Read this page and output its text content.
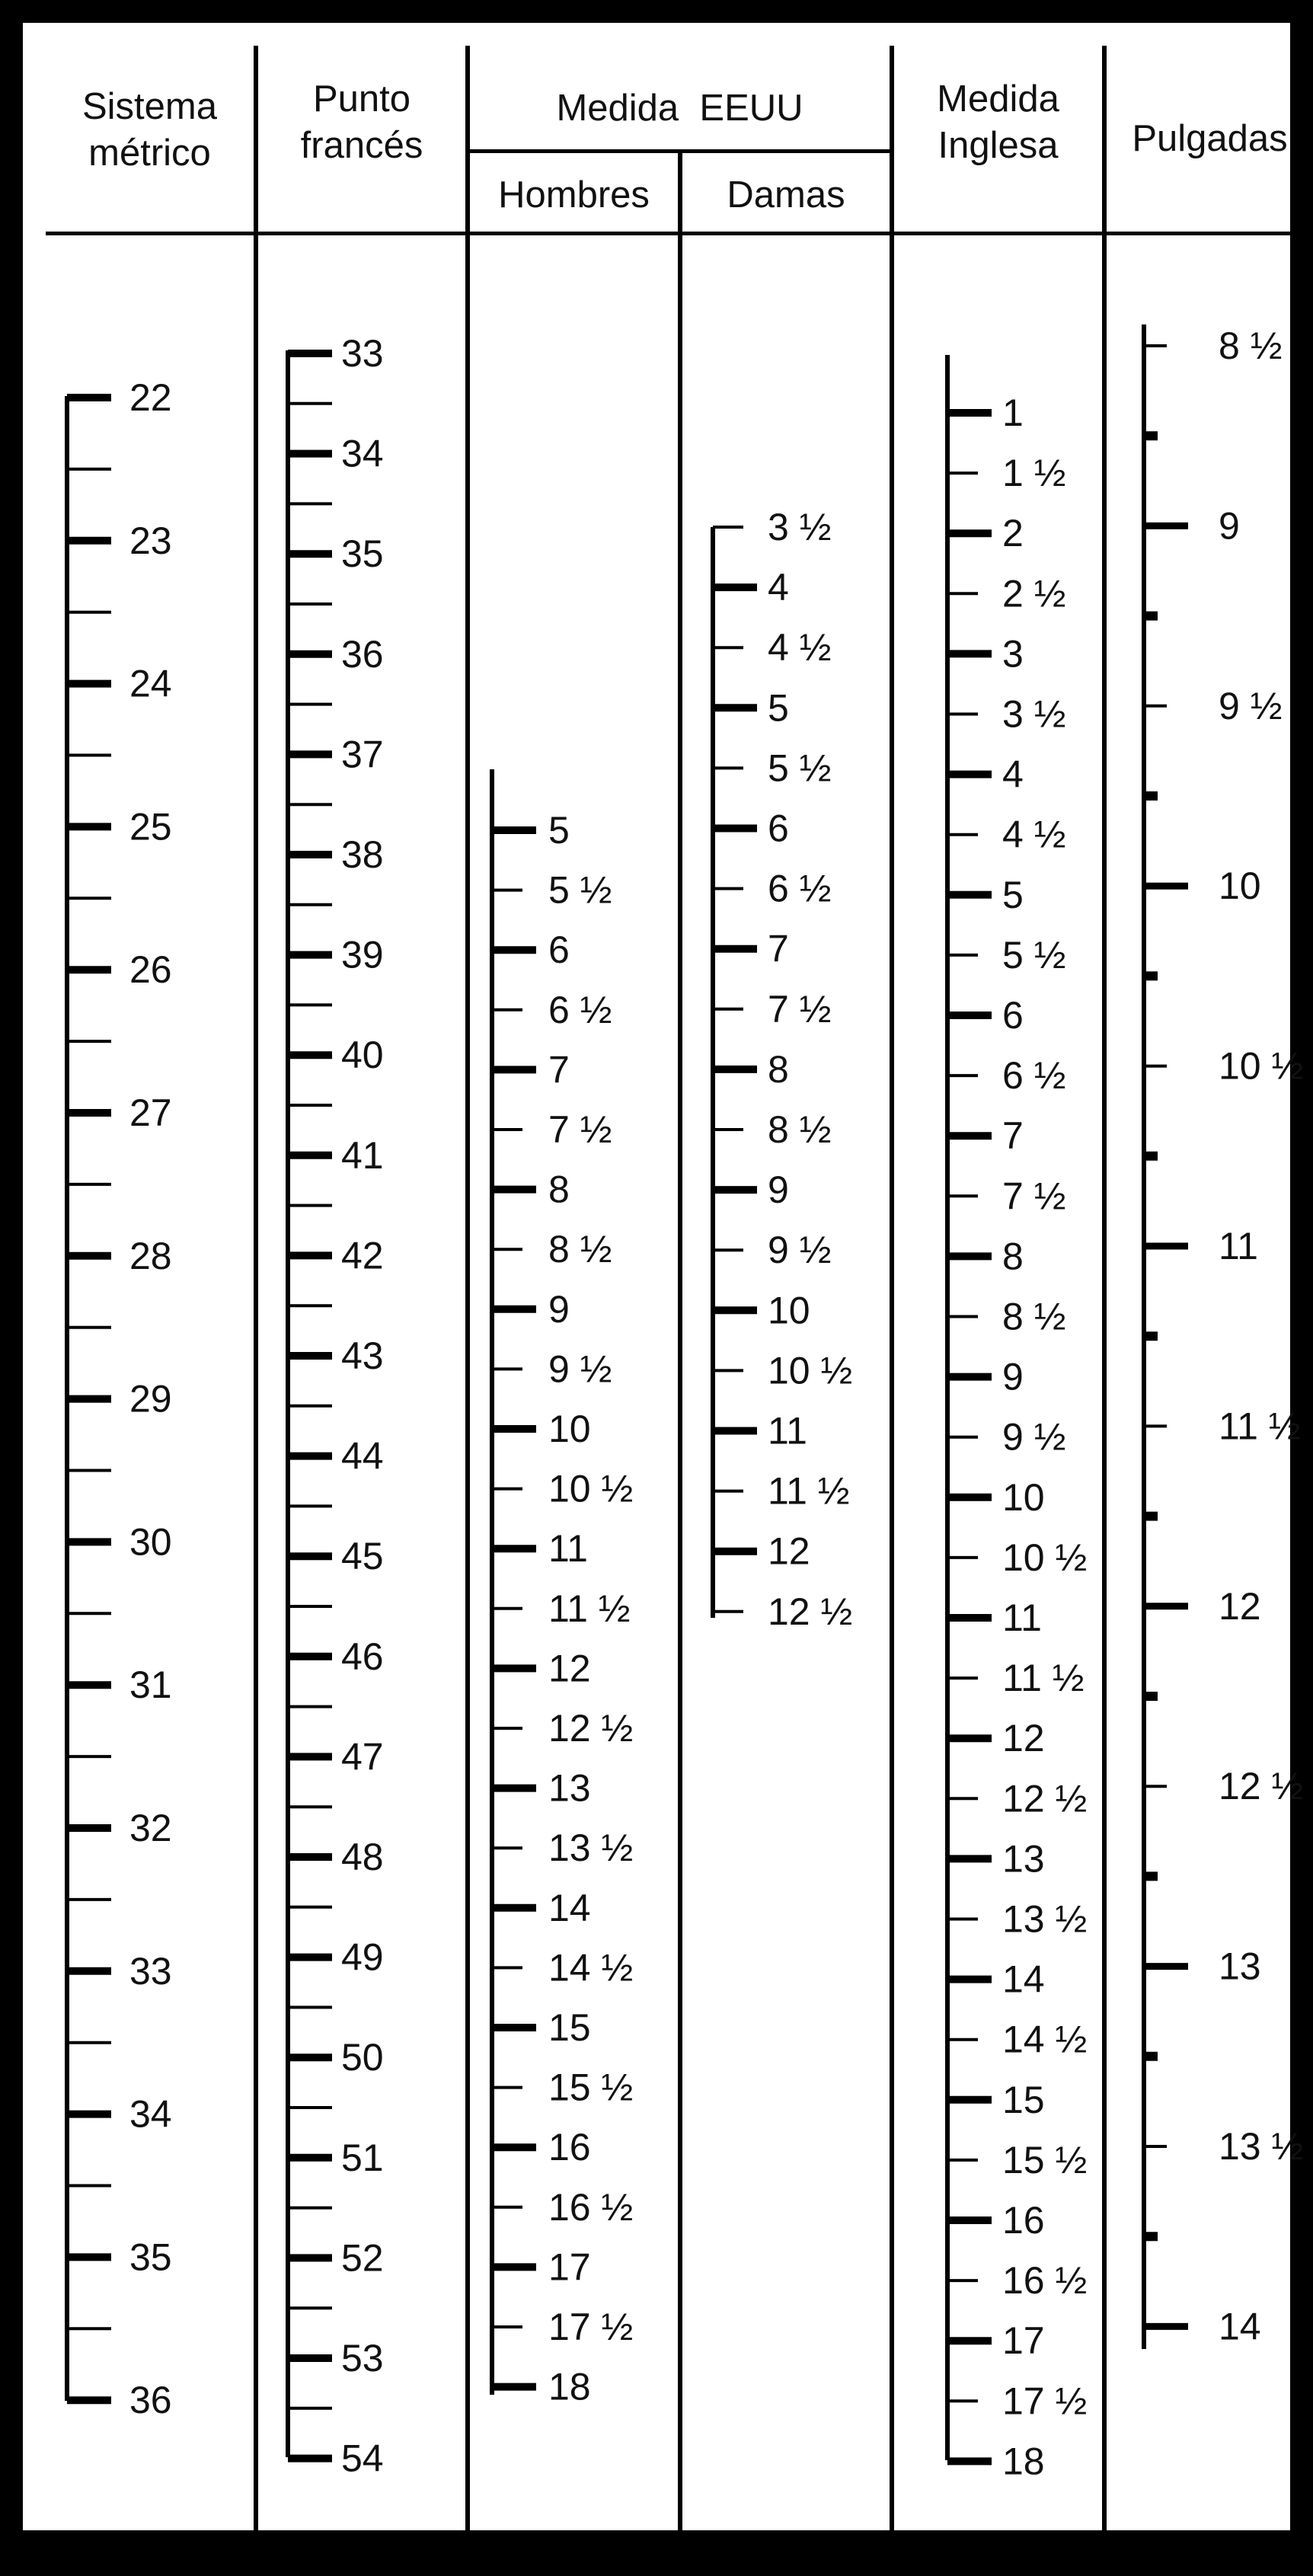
Sistema
métrico
Punto
francés
Medida  EEUU
Hombres	Damas
Medida
Inglesa	Pulgadas
22
23
24
25
26
27
28
29
30
31
32
33
34
35
36
33
34
35
36
37
38
39
40
41
42
43
44
45
46
47
48
49
50
51
52
53
54
5
5 ½
6
6 ½
7
7 ½
8
8 ½
9
9 ½
10
10 ½
11
11 ½
12
12 ½
13
13 ½
14
14 ½
15
15 ½
16
16 ½
17
17 ½
18
3 ½
4
4 ½
5
5 ½
6
6 ½
7
7 ½
8
8 ½
9
9 ½
10
10 ½
11
11 ½
12
12 ½
1
1 ½
2
2 ½
3
3 ½
4
4 ½
5
5 ½
6
6 ½
7
7 ½
8
8 ½
9
9 ½
10
10 ½
11
11 ½
12
12 ½
13
13 ½
14
14 ½
15
15 ½
16
16 ½
17
17 ½
18
8 ½
9
9 ½
10
10 ½
11
11 ½
12
12 ½
13
13 ½
14
